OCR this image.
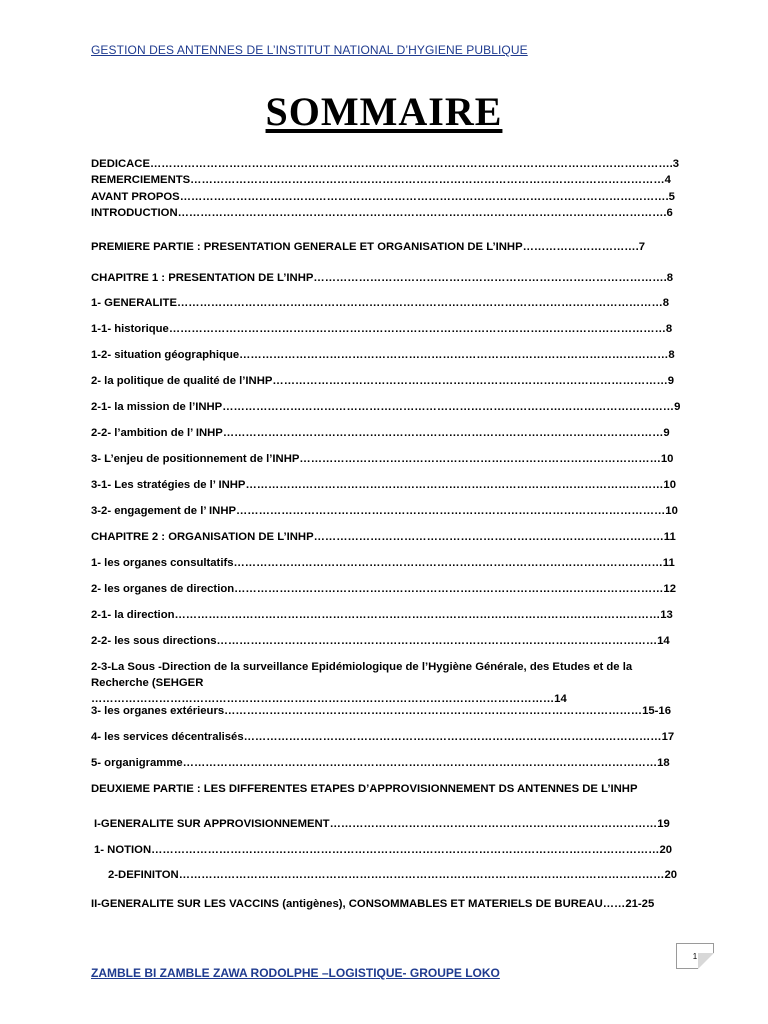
GESTION DES ANTENNES DE L’INSTITUT NATIONAL D’HYGIENE PUBLIQUE
SOMMAIRE
DEDICACE………………………………………………………………………………………………………………………….3
REMERCIEMENTS………………………………………………………………………………………………………………4
AVANT PROPOS………………………………………………………………………………………………………………….5
INTRODUCTION………………………………………………………………………………………………………………….6
PREMIERE PARTIE : PRESENTATION GENERALE ET ORGANISATION DE L’INHP………………………….7
CHAPITRE 1 : PRESENTATION DE L’INHP………………………………………………………………………………….8
1- GENERALITE…………………………………………………………………………………………………………………8
1-1- historique……………………………………………………………………………………………………………………8
1-2- situation géographique……………………………………………………………………………………………………8
2- la politique de qualité de l’INHP……………………………………………………………………………………………9
2-1- la mission de l’INHP…………………………………………………………………………………………………………9
2-2- l’ambition de l’ INHP………………………………………………………………………………………………………9
3- L’enjeu de positionnement de l’INHP……………………………………………………………………………………10
3-1- Les stratégies de l’ INHP…………………………………………………………………………………………………10
3-2- engagement de l’ INHP……………………………………………………………………………………………………10
CHAPITRE 2 : ORGANISATION DE L’INHP…………………………………………………………………………………11
1- les organes consultatifs……………………………………………………………………………………………………11
2- les organes de direction……………………………………………………………………………………………………12
2-1- la direction…………………………………………………………………………………………………………………13
2-2- les sous directions………………………………………………………………………………………………………14
2-3-La Sous -Direction de la surveillance Epidémiologique de l’Hygiène Générale, des Etudes et de la Recherche (SEHGER ……………………………………………………………………………………………………………14
3- les organes extérieurs…………………………………………………………………………………………………15-16
4- les services décentralisés…………………………………………………………………………………………………17
5- organigramme………………………………………………………………………………………………………………18
DEUXIEME PARTIE : LES DIFFERENTES ETAPES D’APPROVISIONNEMENT DS ANTENNES DE L’INHP
I-GENERALITE SUR APPROVISIONNEMENT……………………………………………………………………………19
1- NOTION………………………………………………………………………………………………………………………20
2-DEFINITON…………………………………………………………………………………………………………………20
II-GENERALITE SUR LES VACCINS (antigènes), CONSOMMABLES ET MATERIELS DE BUREAU……21-25
1
ZAMBLE BI ZAMBLE ZAWA RODOLPHE –LOGISTIQUE- GROUPE LOKO
